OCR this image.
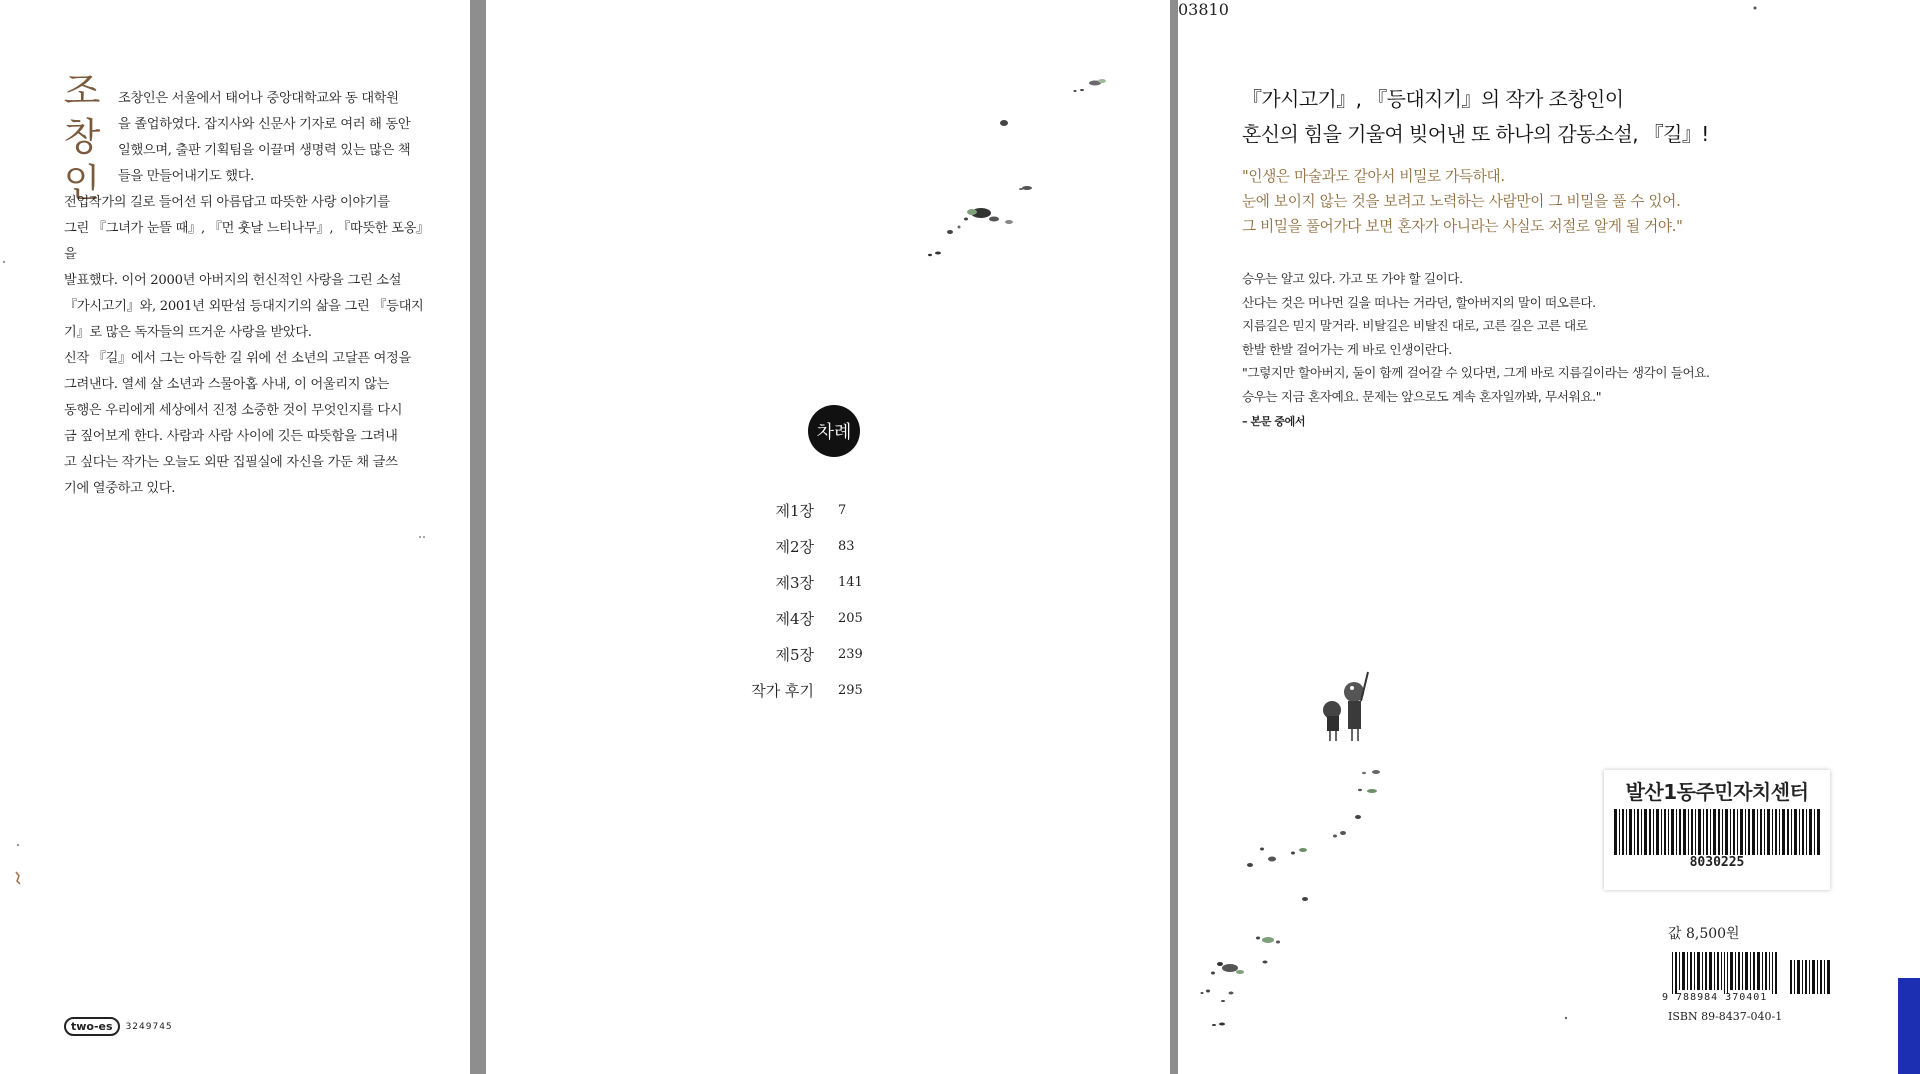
조
창
인

조창인은 서울에서 태어나 중앙대학교와 동 대학원

을 졸업하였다. 잡지사와 신문사 기자로 여러 해 동안

일했으며, 출판 기획팀을 이끌며 생명력 있는 많은 책

들을 만들어내기도 했다.

전업작가의 길로 들어선 뒤 아름답고 따뜻한 사랑 이야기를

그린 『그녀가 눈뜰 때』, 『먼 훗날 느티나무』, 『따뜻한 포옹』을

발표했다. 이어 2000년 아버지의 헌신적인 사랑을 그린 소설

『가시고기』와, 2001년 외딴섬 등대지기의 삶을 그린 『등대지

기』로 많은 독자들의 뜨거운 사랑을 받았다.

신작 『길』에서 그는 아득한 길 위에 선 소년의 고달픈 여정을

그려낸다. 열세 살 소년과 스물아홉 사내, 이 어울리지 않는

동행은 우리에게 세상에서 진정 소중한 것이 무엇인지를 다시

금 짚어보게 한다. 사람과 사람 사이에 깃든 따뜻함을 그려내

고 싶다는 작가는 오늘도 외딴 집필실에 자신을 가둔 채 글쓰

기에 열중하고 있다.

two-es	3249745
차례
제1장	7
제2장	83
제3장	141
제4장	205
제5장	239
작가 후기	295
『가시고기』, 『등대지기』의 작가 조창인이
혼신의 힘을 기울여 빚어낸 또 하나의 감동소설, 『길』!
"인생은 마술과도 같아서 비밀로 가득하대.
눈에 보이지 않는 것을 보려고 노력하는 사람만이 그 비밀을 풀 수 있어.
그 비밀을 풀어가다 보면 혼자가 아니라는 사실도 저절로 알게 될 거야."
승우는 알고 있다. 가고 또 가야 할 길이다.
산다는 것은 머나먼 길을 떠나는 거라던, 할아버지의 말이 떠오른다.
지름길은 믿지 말거라. 비탈길은 비탈진 대로, 고른 길은 고른 대로
한발 한발 걸어가는 게 바로 인생이란다.
"그렇지만 할아버지, 둘이 함께 걸어갈 수 있다면, 그게 바로 지름길이라는 생각이 들어요.
승우는 지금 혼자예요. 문제는 앞으로도 계속 혼자일까봐, 무서워요."
– 본문 중에서
발산1동주민자치센터
8030225
값 8,500원
03810
9 788984 370401
ISBN 89-8437-040-1
